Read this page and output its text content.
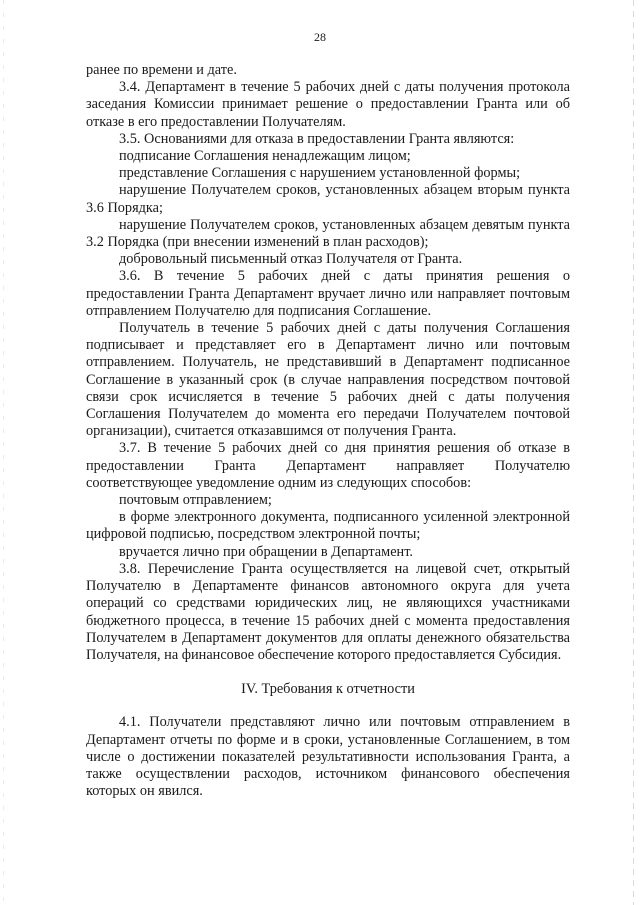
28

ранее по времени и дате.

3.4. Департамент в течение 5 рабочих дней с даты получения протокола заседания Комиссии принимает решение о предоставлении Гранта или об отказе в его предоставлении Получателям.

3.5. Основаниями для отказа в предоставлении Гранта являются:

подписание Соглашения ненадлежащим лицом;

представление Соглашения с нарушением установленной формы;

нарушение Получателем сроков, установленных абзацем вторым пункта 3.6 Порядка;

нарушение Получателем сроков, установленных абзацем девятым пункта 3.2 Порядка (при внесении изменений в план расходов);

добровольный письменный отказ Получателя от Гранта.

3.6. В течение 5 рабочих дней с даты принятия решения о предоставлении Гранта Департамент вручает лично или направляет почтовым отправлением Получателю для подписания Соглашение.

Получатель в течение 5 рабочих дней с даты получения Соглашения подписывает и представляет его в Департамент лично или почтовым отправлением. Получатель, не представивший в Департамент подписанное Соглашение в указанный срок (в случае направления посредством почтовой связи срок исчисляется в течение 5 рабочих дней с даты получения Соглашения Получателем до момента его передачи Получателем почтовой организации), считается отказавшимся от получения Гранта.

3.7. В течение 5 рабочих дней со дня принятия решения об отказе в предоставлении Гранта Департамент направляет Получателю соответствующее уведомление одним из следующих способов:

почтовым отправлением;

в форме электронного документа, подписанного усиленной электронной цифровой подписью, посредством электронной почты;

вручается лично при обращении в Департамент.

3.8. Перечисление Гранта осуществляется на лицевой счет, открытый Получателю в Департаменте финансов автономного округа для учета операций со средствами юридических лиц, не являющихся участниками бюджетного процесса, в течение 15 рабочих дней с момента предоставления Получателем в Департамент документов для оплаты денежного обязательства Получателя, на финансовое обеспечение которого предоставляется Субсидия.

IV. Требования к отчетности

4.1. Получатели представляют лично или почтовым отправлением в Департамент отчеты по форме и в сроки, установленные Соглашением, в том числе о достижении показателей результативности использования Гранта, а также осуществлении расходов, источником финансового обеспечения которых он явился.
